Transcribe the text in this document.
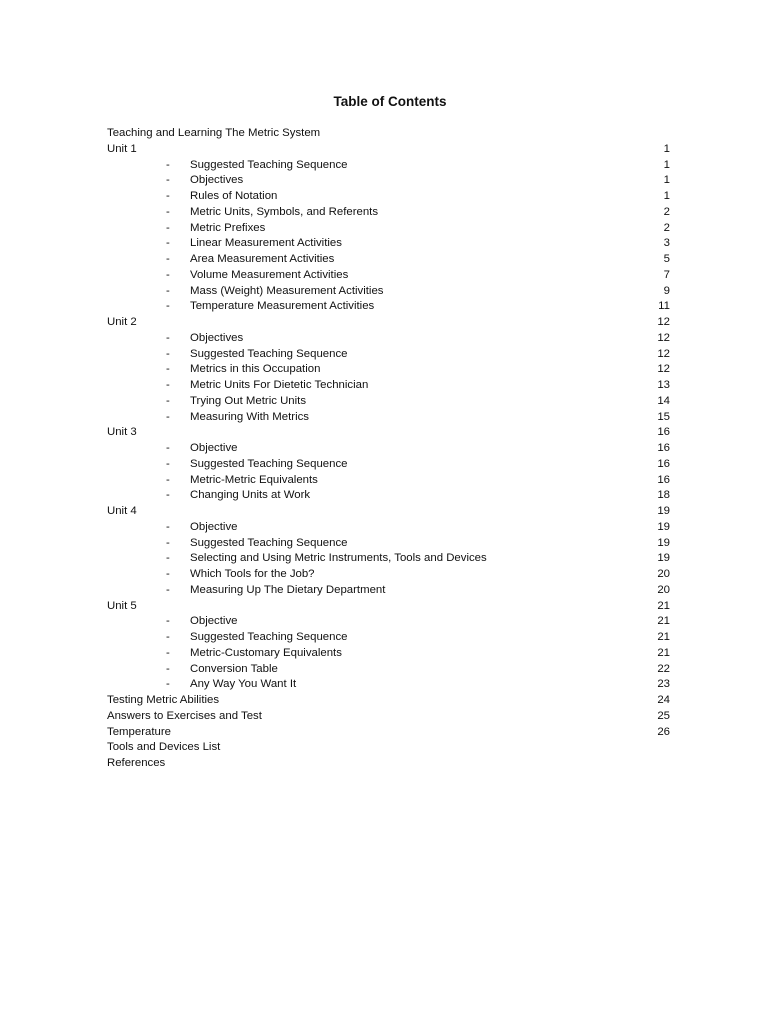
Table of Contents
Teaching and Learning The Metric System
Unit 1	1
- Suggested Teaching Sequence	1
- Objectives	1
- Rules of Notation	1
- Metric Units, Symbols, and Referents	2
- Metric Prefixes	2
- Linear Measurement Activities	3
- Area Measurement Activities	5
- Volume Measurement Activities	7
- Mass (Weight) Measurement Activities	9
- Temperature Measurement Activities	11
Unit 2	12
- Objectives	12
- Suggested Teaching Sequence	12
- Metrics in this Occupation	12
- Metric Units For Dietetic Technician	13
- Trying Out Metric Units	14
- Measuring With Metrics	15
Unit 3	16
- Objective	16
- Suggested Teaching Sequence	16
- Metric-Metric Equivalents	16
- Changing Units at Work	18
Unit 4	19
- Objective	19
- Suggested Teaching Sequence	19
- Selecting and Using Metric Instruments, Tools and Devices	19
- Which Tools for the Job?	20
- Measuring Up The Dietary Department	20
Unit 5	21
- Objective	21
- Suggested Teaching Sequence	21
- Metric-Customary Equivalents	21
- Conversion Table	22
- Any Way You Want It	23
Testing Metric Abilities	24
Answers to Exercises and Test	25
Temperature	26
Tools and Devices List
References
